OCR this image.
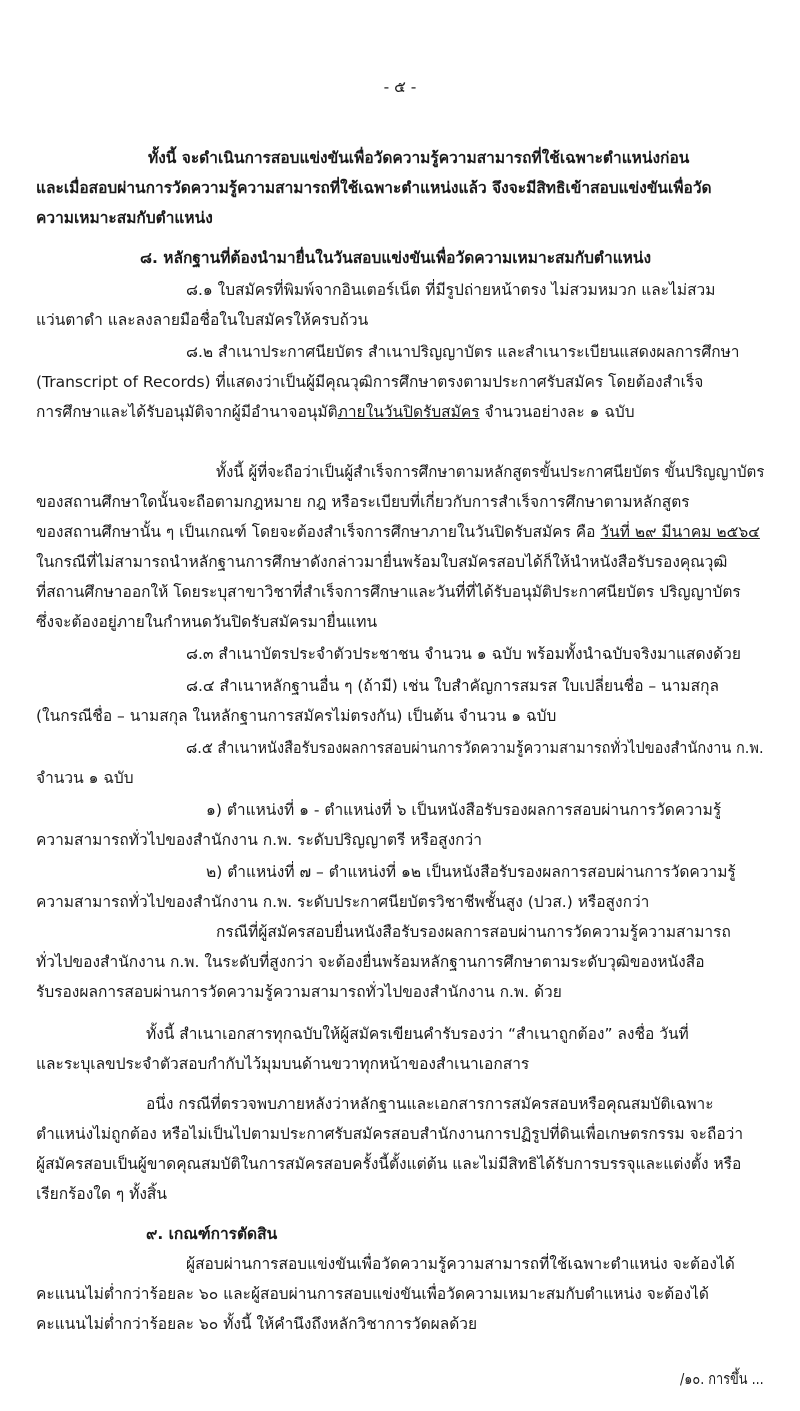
- ๕ -
ทั้งนี้ จะดำเนินการสอบแข่งขันเพื่อวัดความรู้ความสามารถที่ใช้เฉพาะตำแหน่งก่อน
และเมื่อสอบผ่านการวัดความรู้ความสามารถที่ใช้เฉพาะตำแหน่งแล้ว จึงจะมีสิทธิเข้าสอบแข่งขันเพื่อวัด
ความเหมาะสมกับตำแหน่ง
๘. หลักฐานที่ต้องนำมายื่นในวันสอบแข่งขันเพื่อวัดความเหมาะสมกับตำแหน่ง
๘.๑ ใบสมัครที่พิมพ์จากอินเตอร์เน็ต ที่มีรูปถ่ายหน้าตรง ไม่สวมหมวก และไม่สวม
แว่นตาดำ และลงลายมือชื่อในใบสมัครให้ครบถ้วน
๘.๒ สำเนาประกาศนียบัตร สำเนาปริญญาบัตร และสำเนาระเบียนแสดงผลการศึกษา
(Transcript of Records) ที่แสดงว่าเป็นผู้มีคุณวุฒิการศึกษาตรงตามประกาศรับสมัคร โดยต้องสำเร็จ
การศึกษาและได้รับอนุมัติจากผู้มีอำนาจอนุมัติภายในวันปิดรับสมัคร จำนวนอย่างละ ๑ ฉบับ
ทั้งนี้ ผู้ที่จะถือว่าเป็นผู้สำเร็จการศึกษาตามหลักสูตรขั้นประกาศนียบัตร ขั้นปริญญาบัตร
ของสถานศึกษาใดนั้นจะถือตามกฎหมาย กฎ หรือระเบียบที่เกี่ยวกับการสำเร็จการศึกษาตามหลักสูตร
ของสถานศึกษานั้น ๆ เป็นเกณฑ์ โดยจะต้องสำเร็จการศึกษาภายในวันปิดรับสมัคร คือ วันที่ ๒๙ มีนาคม ๒๕๖๔
ในกรณีที่ไม่สามารถนำหลักฐานการศึกษาดังกล่าวมายื่นพร้อมใบสมัครสอบได้ก็ให้นำหนังสือรับรองคุณวุฒิ
ที่สถานศึกษาออกให้ โดยระบุสาขาวิชาที่สำเร็จการศึกษาและวันที่ที่ได้รับอนุมัติประกาศนียบัตร ปริญญาบัตร
ซึ่งจะต้องอยู่ภายในกำหนดวันปิดรับสมัครมายื่นแทน
๘.๓ สำเนาบัตรประจำตัวประชาชน จำนวน ๑ ฉบับ พร้อมทั้งนำฉบับจริงมาแสดงด้วย
๘.๔ สำเนาหลักฐานอื่น ๆ (ถ้ามี) เช่น ใบสำคัญการสมรส ใบเปลี่ยนชื่อ – นามสกุล
(ในกรณีชื่อ – นามสกุล ในหลักฐานการสมัครไม่ตรงกัน) เป็นต้น จำนวน ๑ ฉบับ
๘.๕ สำเนาหนังสือรับรองผลการสอบผ่านการวัดความรู้ความสามารถทั่วไปของสำนักงาน ก.พ.
จำนวน ๑ ฉบับ
๑) ตำแหน่งที่ ๑ - ตำแหน่งที่ ๖ เป็นหนังสือรับรองผลการสอบผ่านการวัดความรู้
ความสามารถทั่วไปของสำนักงาน ก.พ. ระดับปริญญาตรี หรือสูงกว่า
๒) ตำแหน่งที่ ๗ – ตำแหน่งที่ ๑๒ เป็นหนังสือรับรองผลการสอบผ่านการวัดความรู้
ความสามารถทั่วไปของสำนักงาน ก.พ. ระดับประกาศนียบัตรวิชาชีพชั้นสูง (ปวส.) หรือสูงกว่า
กรณีที่ผู้สมัครสอบยื่นหนังสือรับรองผลการสอบผ่านการวัดความรู้ความสามารถ
ทั่วไปของสำนักงาน ก.พ. ในระดับที่สูงกว่า จะต้องยื่นพร้อมหลักฐานการศึกษาตามระดับวุฒิของหนังสือ
รับรองผลการสอบผ่านการวัดความรู้ความสามารถทั่วไปของสำนักงาน ก.พ. ด้วย
ทั้งนี้ สำเนาเอกสารทุกฉบับให้ผู้สมัครเขียนคำรับรองว่า “สำเนาถูกต้อง” ลงชื่อ วันที่
และระบุเลขประจำตัวสอบกำกับไว้มุมบนด้านขวาทุกหน้าของสำเนาเอกสาร
อนึ่ง กรณีที่ตรวจพบภายหลังว่าหลักฐานและเอกสารการสมัครสอบหรือคุณสมบัติเฉพาะ
ตำแหน่งไม่ถูกต้อง หรือไม่เป็นไปตามประกาศรับสมัครสอบสำนักงานการปฏิรูปที่ดินเพื่อเกษตรกรรม จะถือว่า
ผู้สมัครสอบเป็นผู้ขาดคุณสมบัติในการสมัครสอบครั้งนี้ตั้งแต่ต้น และไม่มีสิทธิได้รับการบรรจุและแต่งตั้ง หรือ
เรียกร้องใด ๆ ทั้งสิ้น
๙. เกณฑ์การตัดสิน
ผู้สอบผ่านการสอบแข่งขันเพื่อวัดความรู้ความสามารถที่ใช้เฉพาะตำแหน่ง จะต้องได้
คะแนนไม่ต่ำกว่าร้อยละ ๖๐ และผู้สอบผ่านการสอบแข่งขันเพื่อวัดความเหมาะสมกับตำแหน่ง จะต้องได้
คะแนนไม่ต่ำกว่าร้อยละ ๖๐ ทั้งนี้ ให้คำนึงถึงหลักวิชาการวัดผลด้วย
/๑๐. การขึ้น ...
